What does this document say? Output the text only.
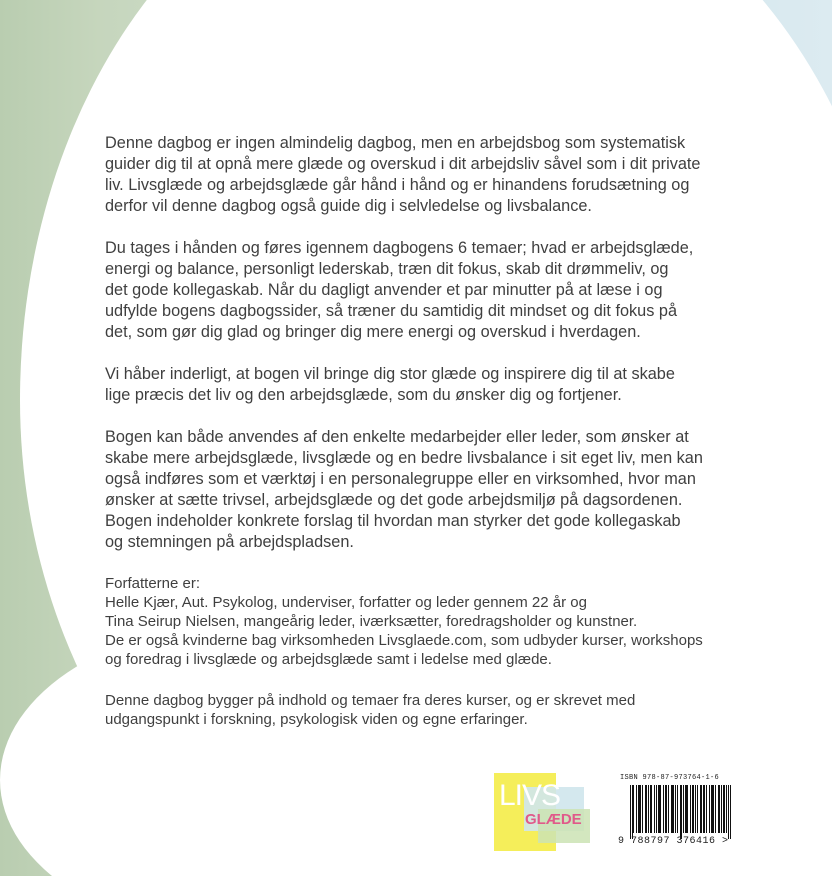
Denne dagbog er ingen almindelig dagbog, men en arbejdsbog som systematisk
guider dig til at opnå mere glæde og overskud i dit arbejdsliv såvel som i dit private
liv. Livsglæde og arbejdsglæde går hånd i hånd og er hinandens forudsætning og
derfor vil denne dagbog også guide dig i selvledelse og livsbalance.

Du tages i hånden og føres igennem dagbogens 6 temaer; hvad er arbejdsglæde,
energi og balance, personligt lederskab, træn dit fokus, skab dit drømmeliv, og
det gode kollegaskab. Når du dagligt anvender et par minutter på at læse i og
udfylde bogens dagbogssider, så træner du samtidig dit mindset og dit fokus på
det, som gør dig glad og bringer dig mere energi og overskud i hverdagen.

Vi håber inderligt, at bogen vil bringe dig stor glæde og inspirere dig til at skabe
lige præcis det liv og den arbejdsglæde, som du ønsker dig og fortjener.

Bogen kan både anvendes af den enkelte medarbejder eller leder, som ønsker at
skabe mere arbejdsglæde, livsglæde og en bedre livsbalance i sit eget liv, men kan
også indføres som et værktøj i en personalegruppe eller en virksomhed, hvor man
ønsker at sætte trivsel, arbejdsglæde og det gode arbejdsmiljø på dagsordenen.
Bogen indeholder konkrete forslag til hvordan man styrker det gode kollegaskab
og stemningen på arbejdspladsen.

Forfatterne er:
Helle Kjær, Aut. Psykolog, underviser, forfatter og leder gennem 22 år og
Tina Seirup Nielsen, mangeårig leder, iværksætter, foredragsholder og kunstner.
De er også kvinderne bag virksomheden Livsglaede.com, som udbyder kurser, workshops
og foredrag i livsglæde og arbejdsglæde samt i ledelse med glæde.
Denne dagbog bygger på indhold og temaer fra deres kurser, og er skrevet med
udgangspunkt i forskning, psykologisk viden og egne erfaringer.
LIVS
GLÆDE
ISBN 978-87-973764-1-6
9 788797 376416 >
